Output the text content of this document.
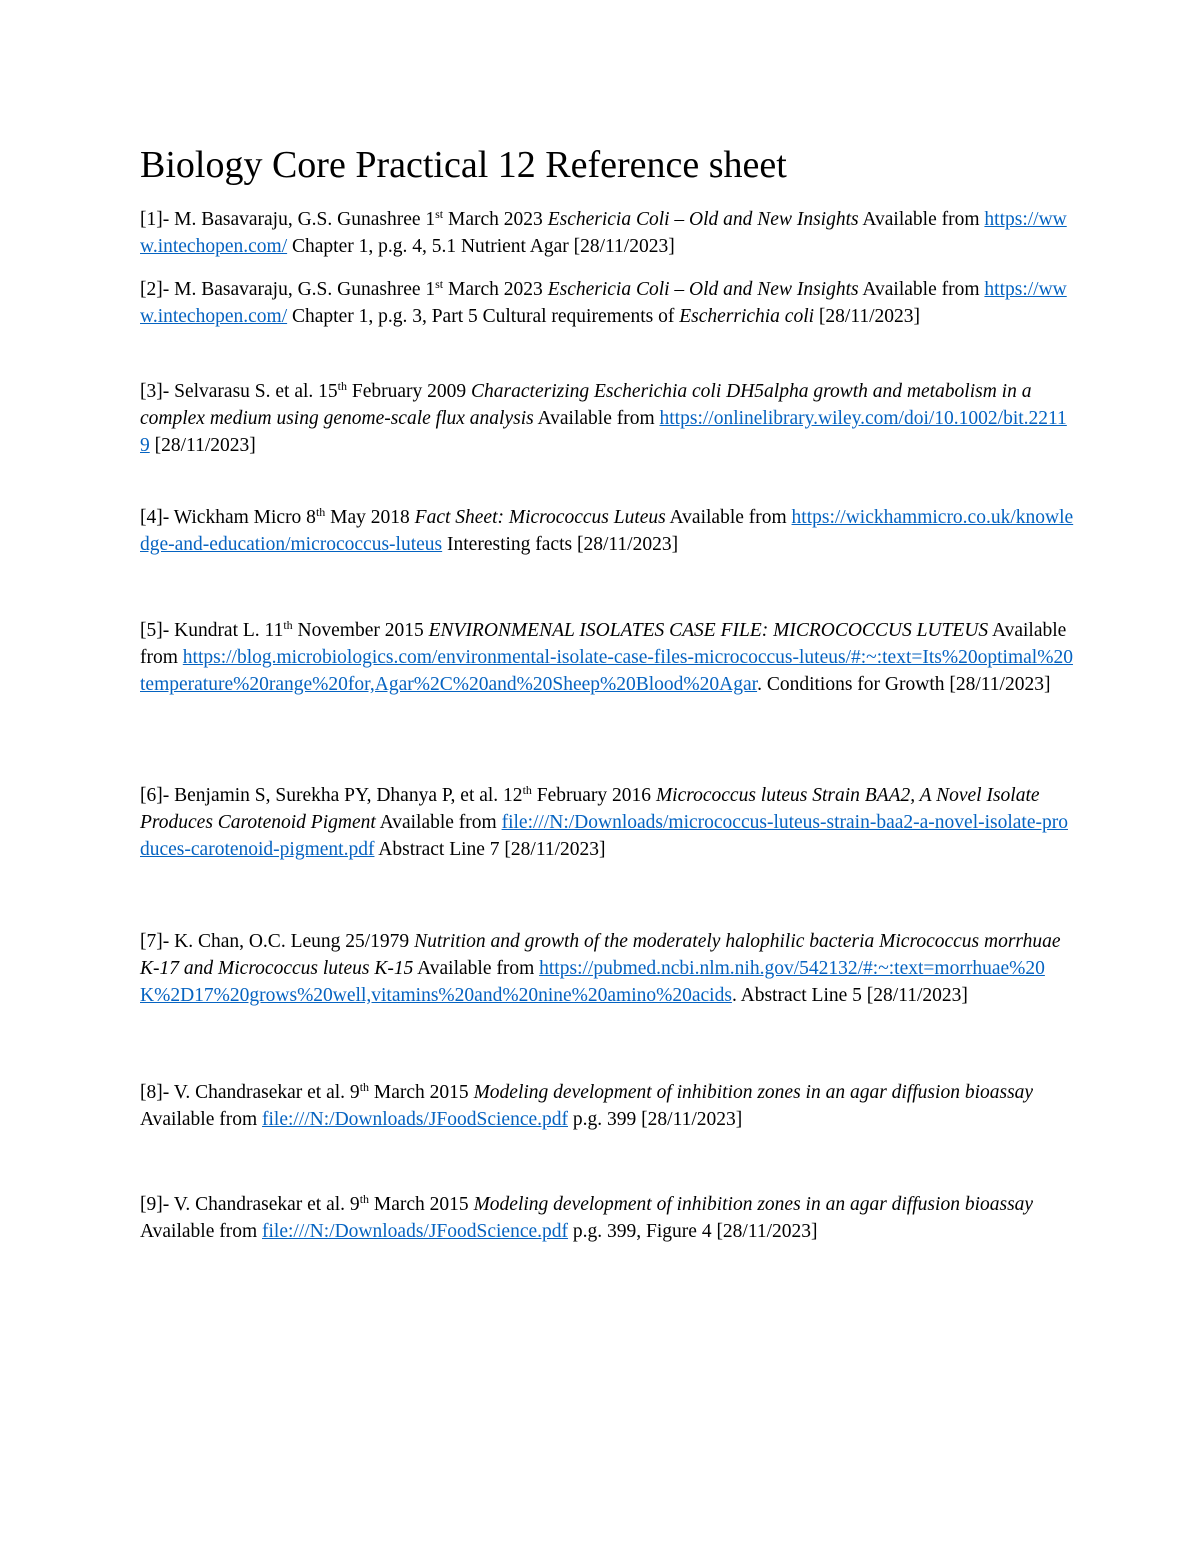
Biology Core Practical 12 Reference sheet

[1]- M. Basavaraju, G.S. Gunashree 1st March 2023 Eschericia Coli – Old and New Insights Available from https://www.intechopen.com/ Chapter 1, p.g. 4, 5.1 Nutrient Agar [28/11/2023]

[2]- M. Basavaraju, G.S. Gunashree 1st March 2023 Eschericia Coli – Old and New Insights Available from https://www.intechopen.com/ Chapter 1, p.g. 3, Part 5 Cultural requirements of Escherrichia coli [28/11/2023]

[3]- Selvarasu S. et al. 15th February 2009 Characterizing Escherichia coli DH5alpha growth and metabolism in a complex medium using genome-scale flux analysis Available from https://onlinelibrary.wiley.com/doi/10.1002/bit.22119 [28/11/2023]

[4]- Wickham Micro 8th May 2018 Fact Sheet: Micrococcus Luteus Available from https://wickhammicro.co.uk/knowledge-and-education/micrococcus-luteus Interesting facts [28/11/2023]

[5]- Kundrat L. 11th November 2015 ENVIRONMENAL ISOLATES CASE FILE: MICROCOCCUS LUTEUS Available from https://blog.microbiologics.com/environmental-isolate-case-files-micrococcus-luteus/#:~:text=Its%20optimal%20temperature%20range%20for,Agar%2C%20and%20Sheep%20Blood%20Agar. Conditions for Growth [28/11/2023]

[6]- Benjamin S, Surekha PY, Dhanya P, et al. 12th February 2016 Micrococcus luteus Strain BAA2, A Novel Isolate Produces Carotenoid Pigment Available from file:///N:/Downloads/micrococcus-luteus-strain-baa2-a-novel-isolate-produces-carotenoid-pigment.pdf Abstract Line 7 [28/11/2023]

[7]- K. Chan, O.C. Leung 25/1979 Nutrition and growth of the moderately halophilic bacteria Micrococcus morrhuae K-17 and Micrococcus luteus K-15 Available from https://pubmed.ncbi.nlm.nih.gov/542132/#:~:text=morrhuae%20K%2D17%20grows%20well,vitamins%20and%20nine%20amino%20acids. Abstract Line 5 [28/11/2023]

[8]- V. Chandrasekar et al. 9th March 2015 Modeling development of inhibition zones in an agar diffusion bioassay Available from file:///N:/Downloads/JFoodScience.pdf p.g. 399 [28/11/2023]

[9]- V. Chandrasekar et al. 9th March 2015 Modeling development of inhibition zones in an agar diffusion bioassay Available from file:///N:/Downloads/JFoodScience.pdf p.g. 399, Figure 4 [28/11/2023]
